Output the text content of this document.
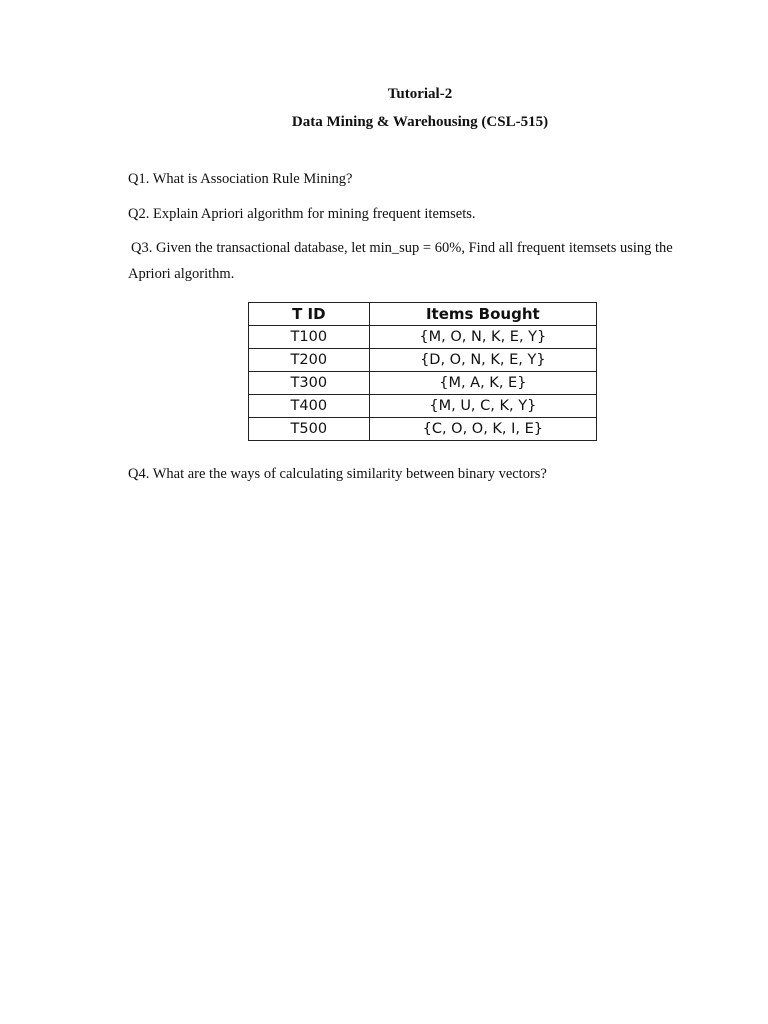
Tutorial-2
Data Mining & Warehousing (CSL-515)
Q1. What is Association Rule Mining?
Q2. Explain Apriori algorithm for mining frequent itemsets.
Q3. Given the transactional database, let min_sup = 60%, Find all frequent itemsets using the Apriori algorithm.
T ID	Items Bought
T100	{M, O, N, K, E, Y}
T200	{D, O, N, K, E, Y}
T300	{M, A, K, E}
T400	{M, U, C, K, Y}
T500	{C, O, O, K, I, E}
Q4. What are the ways of calculating similarity between binary vectors?
